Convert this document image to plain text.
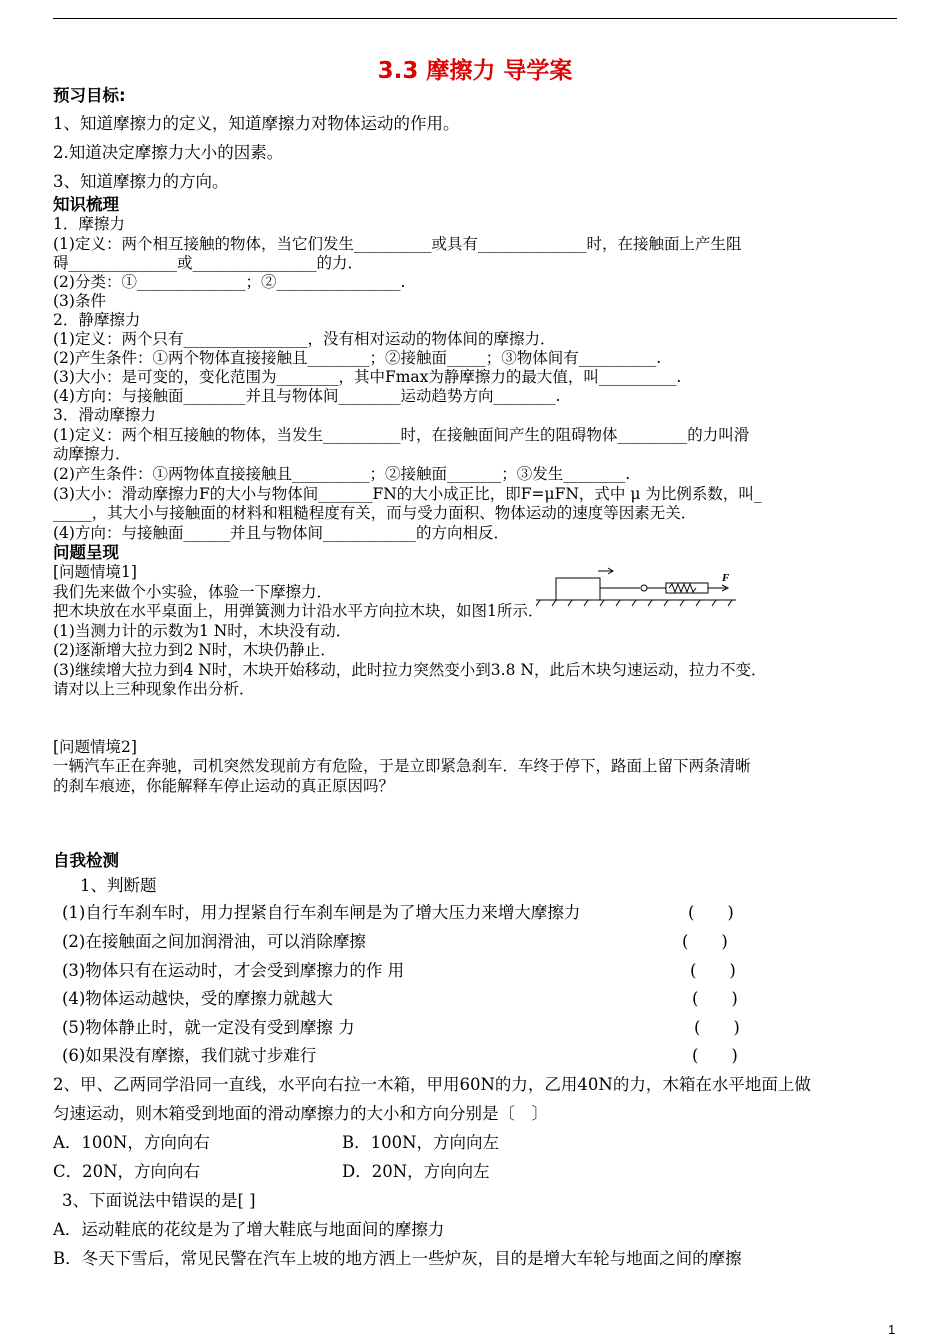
3.3 摩擦力 导学案
预习目标:
1、知道摩擦力的定义，知道摩擦力对物体运动的作用。
2.知道决定摩擦力大小的因素。
3、知道摩擦力的方向。
知识梳理
1．摩擦力
(1)定义：两个相互接触的物体，当它们发生__________或具有______________时，在接触面上产生阻
碍______________或________________的力．
(2)分类：①______________；②________________.
(3)条件
2．静摩擦力
(1)定义：两个只有________________，没有相对运动的物体间的摩擦力．
(2)产生条件：①两个物体直接接触且________；②接触面_____；③物体间有__________.
(3)大小：是可变的，变化范围为________，其中Fmax为静摩擦力的最大值，叫__________.
(4)方向：与接触面________并且与物体间________运动趋势方向________.
3．滑动摩擦力
(1)定义：两个相互接触的物体，当发生__________时，在接触面间产生的阻碍物体_________的力叫滑
动摩擦力．
(2)产生条件：①两物体直接接触且__________；②接触面_______；③发生________.
(3)大小：滑动摩擦力F的大小与物体间_______FN的大小成正比，即F=μFN，式中 μ 为比例系数，叫_
_____，其大小与接触面的材料和粗糙程度有关，而与受力面积、物体运动的速度等因素无关．
(4)方向：与接触面______并且与物体间____________的方向相反．
问题呈现
[问题情境1]
我们先来做个小实验，体验一下摩擦力．
把木块放在水平桌面上，用弹簧测力计沿水平方向拉木块，如图1所示．
(1)当测力计的示数为1 N时，木块没有动．
(2)逐渐增大拉力到2 N时，木块仍静止．
(3)继续增大拉力到4 N时，木块开始移动，此时拉力突然变小到3.8 N，此后木块匀速运动，拉力不变．
请对以上三种现象作出分析．
F
[问题情境2]
一辆汽车正在奔驰，司机突然发现前方有危险，于是立即紧急刹车．车终于停下，路面上留下两条清晰
的刹车痕迹，你能解释车停止运动的真正原因吗？
自我检测
1、判断题
(1)自行车刹车时，用力捏紧自行车刹车闸是为了增大压力来增大摩擦力	(　　)
(2)在接触面之间加润滑油，可以消除摩擦	(　　)
(3)物体只有在运动时，才会受到摩擦力的作 用	(　　)
(4)物体运动越快，受的摩擦力就越大	(　　)
(5)物体静止时，就一定没有受到摩擦 力	(　　)
(6)如果没有摩擦，我们就寸步难行	(　　)
2、甲、乙两同学沿同一直线，水平向右拉一木箱，甲用60N的力，乙用40N的力，木箱在水平地面上做
匀速运动，则木箱受到地面的滑动摩擦力的大小和方向分别是〔　〕
A．100N，方向向右	B．100N，方向向左
C．20N，方向向右	D．20N，方向向左
3、下面说法中错误的是[ ]
A．运动鞋底的花纹是为了增大鞋底与地面间的摩擦力
B．冬天下雪后，常见民警在汽车上坡的地方洒上一些炉灰，目的是增大车轮与地面之间的摩擦
1
